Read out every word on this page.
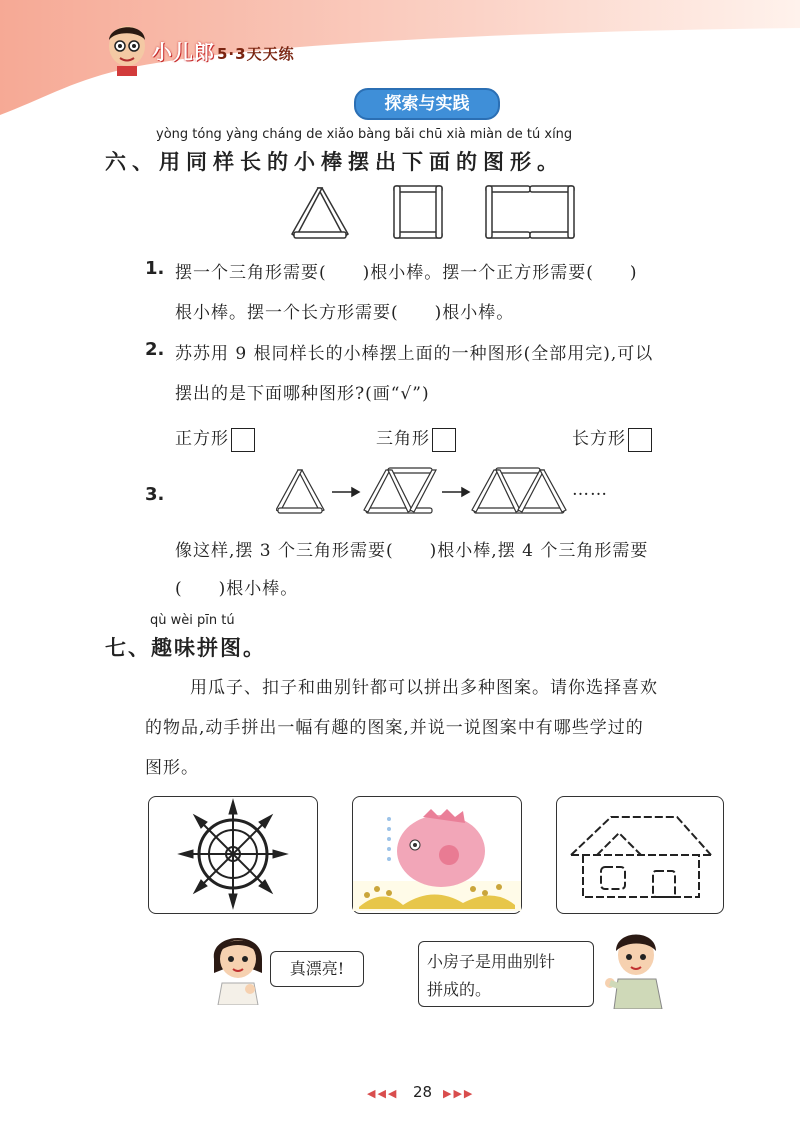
小儿郎 5·3天天练
探索与实践
yòng tóng yàng cháng de xiǎo bàng bǎi chū xià miàn de tú xíng
六、用同样长的小棒摆出下面的图形。
1. 摆一个三角形需要(　　)根小棒。摆一个正方形需要(　　)
根小棒。摆一个长方形需要(　　)根小棒。
2. 苏苏用 9 根同样长的小棒摆上面的一种图形(全部用完),可以
摆出的是下面哪种图形?(画“√”)
正方形	三角形	长方形
3.	……
像这样,摆 3 个三角形需要(　　)根小棒,摆 4 个三角形需要
(　　)根小棒。
qù wèi pīn tú
七、趣味拼图。
用瓜子、扣子和曲别针都可以拼出多种图案。请你选择喜欢
的物品,动手拼出一幅有趣的图案,并说一说图案中有哪些学过的
图形。
真漂亮!	小房子是用曲别针
拼成的。
◀◀◀ 28 ▶▶▶
